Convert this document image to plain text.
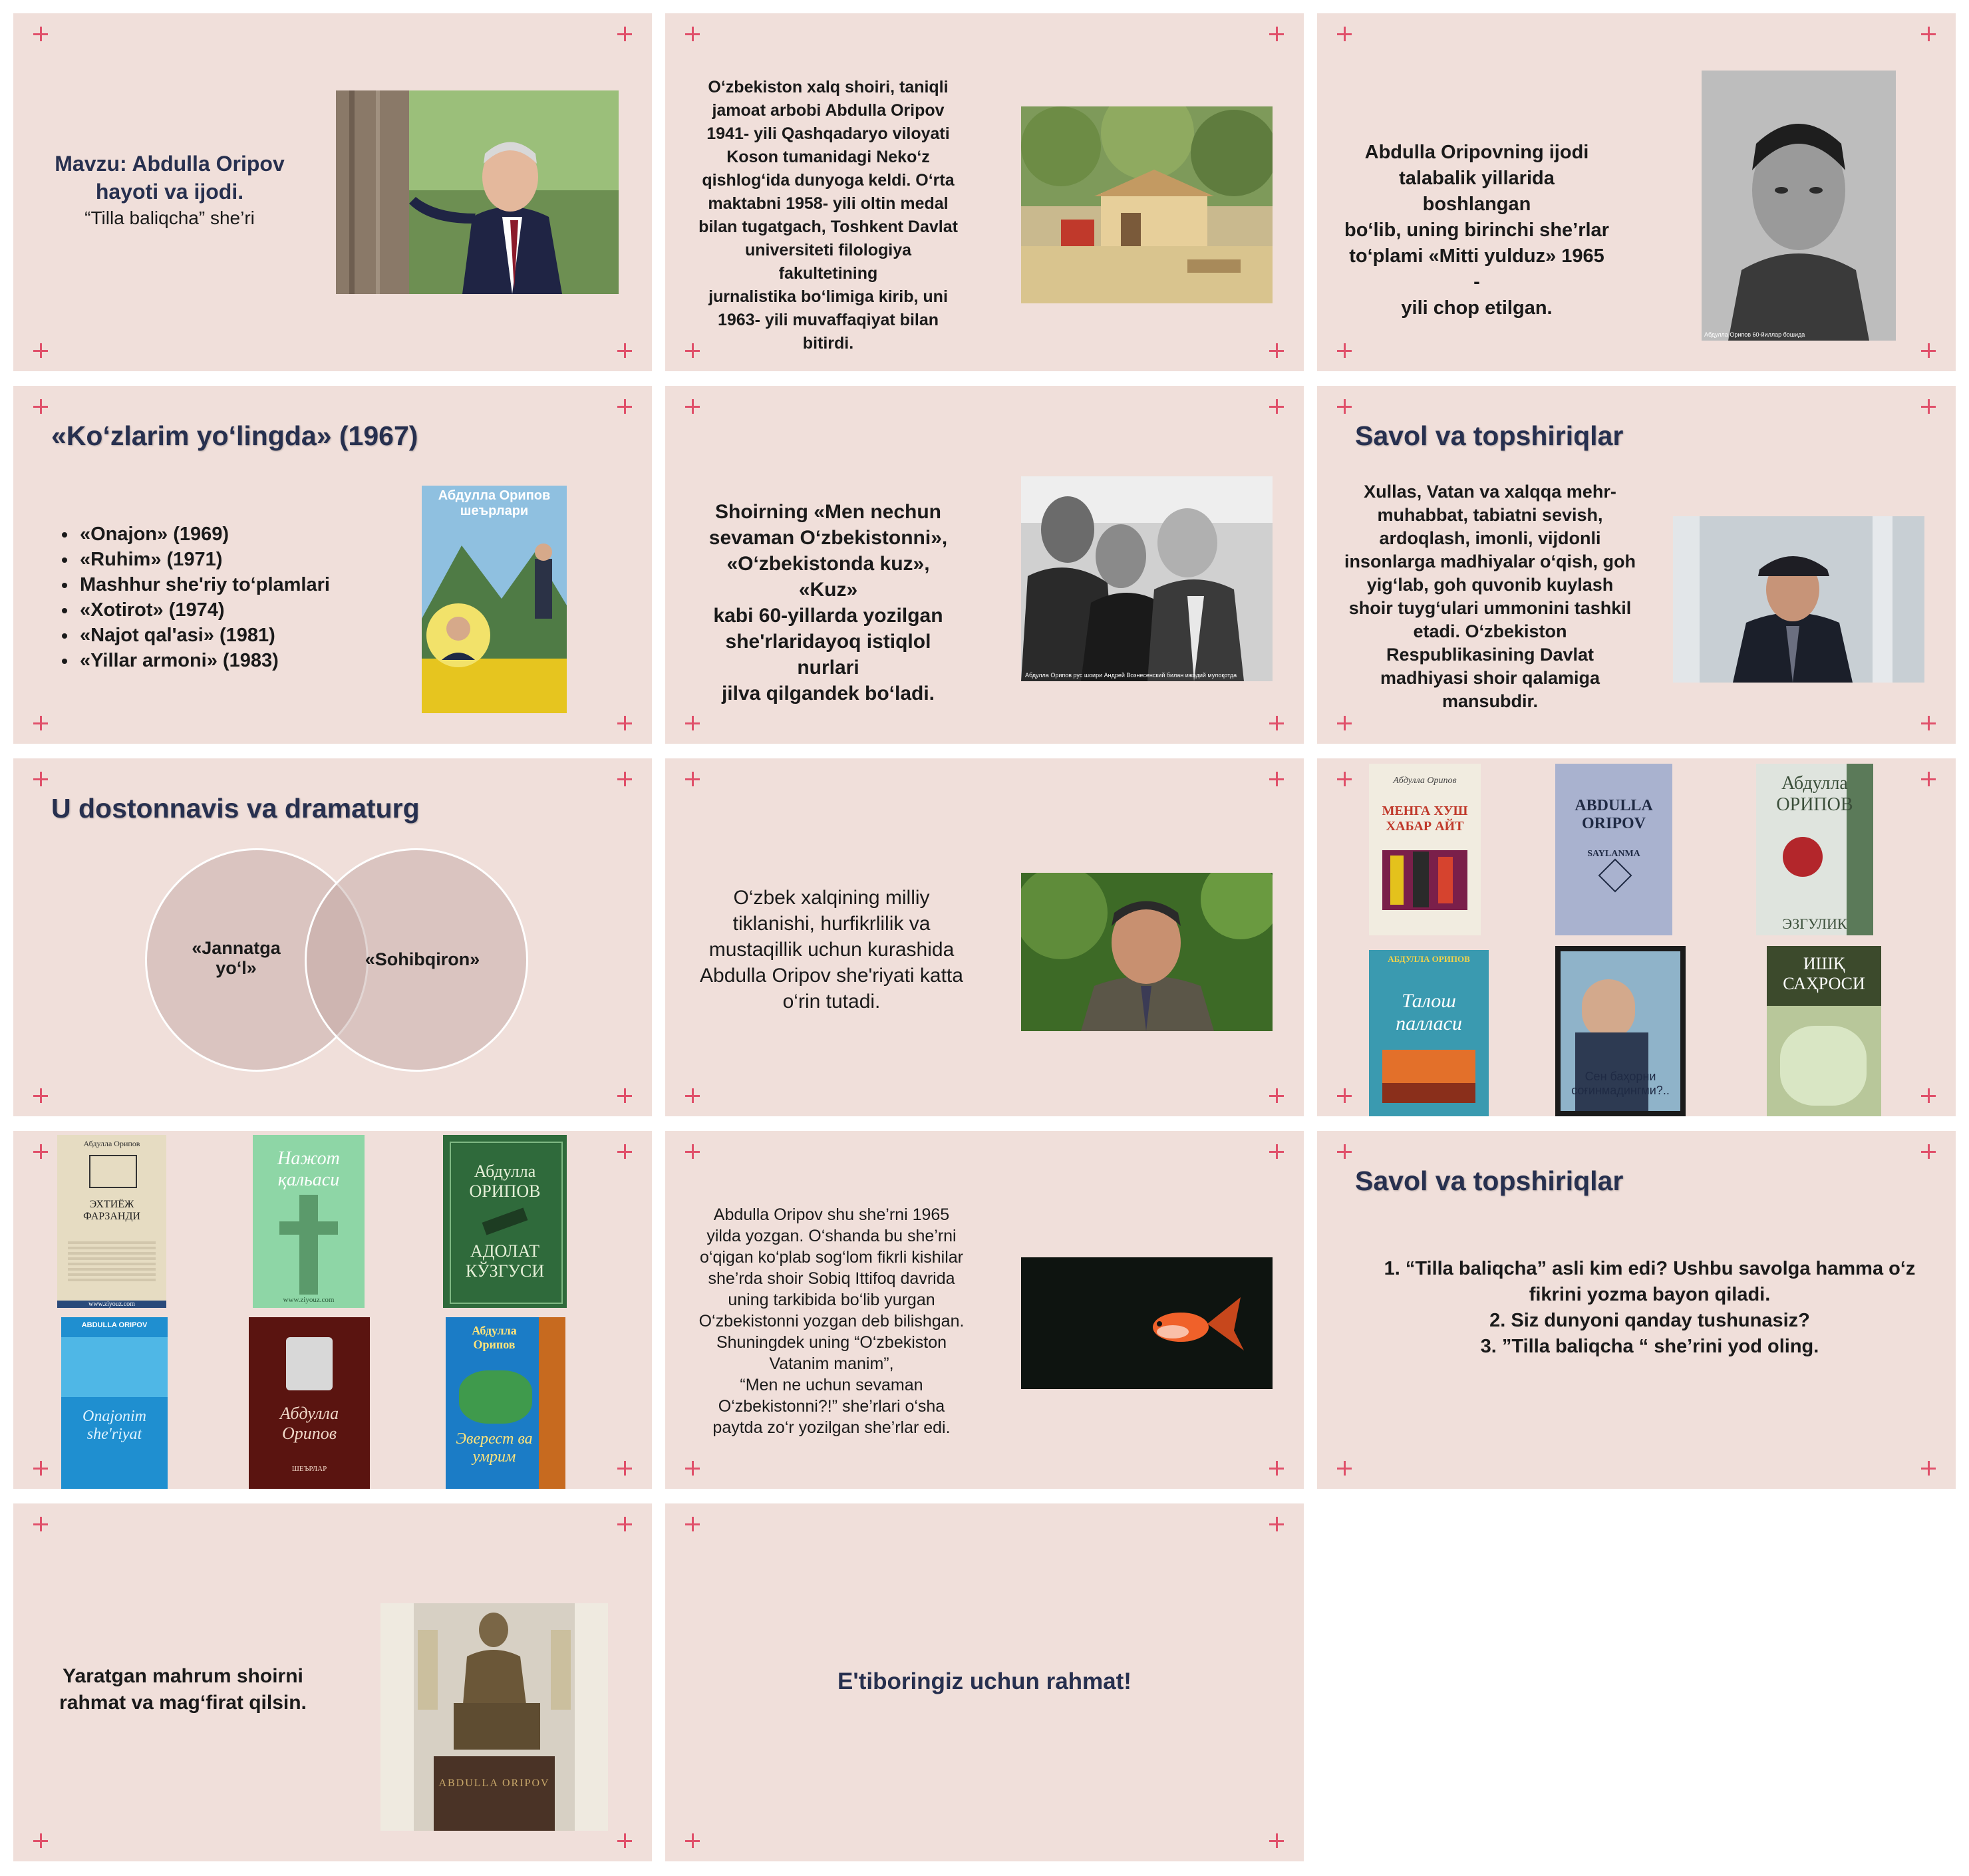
Mavzu: Abdulla Oripov
hayoti va ijodi.
“Tilla baliqcha” she’ri
O‘zbekiston xalq shoiri, taniqli
jamoat arbobi Abdulla Oripov
1941- yili Qashqadaryo viloyati
Koson tumanidagi Neko‘z
qishlog‘ida dunyoga keldi. O‘rta
maktabni 1958- yili oltin medal
bilan tugatgach, Toshkent Davlat
universiteti filologiya fakultetining
jurnalistika bo‘limiga kirib, uni
1963- yili muvaffaqiyat bilan
bitirdi.
Abdulla Oripovning ijodi
talabalik yillarida boshlangan
bo‘lib, uning birinchi she’rlar
to‘plami «Mitti yulduz» 1965 -
yili chop etilgan.
Абдулла Орипов 60-йиллар бошида
«Ko‘zlarim yo‘lingda» (1967)
• «Onajon» (1969)
• «Ruhim» (1971)
• Mashhur she'riy to‘plamlari
• «Xotirot» (1974)
• «Najot qal'asi» (1981)
• «Yillar armoni» (1983)
Абдулла Орипов шеърлари	Shoirning «Men nechun
sevaman O‘zbekistonni»,
«O‘zbekistonda kuz», «Kuz»
kabi 60-yillarda yozilgan
she'rlaridayoq istiqlol nurlari
jilva qilgandek bo‘ladi.
Абдулла Орипов рус шоири Андрей Вознесенский билан ижодий мулоқотда
Savol va topshiriqlar
Xullas, Vatan va xalqqa mehr-
muhabbat, tabiatni sevish,
ardoqlash, imonli, vijdonli
insonlarga madhiyalar o‘qish, goh
yig‘lab, goh quvonib kuylash
shoir tuyg‘ulari ummonini tashkil
etadi. O‘zbekiston
Respublikasining Davlat
madhiyasi shoir qalamiga
mansubdir.
U dostonnavis va dramaturg
«Jannatga
yo‘l»	«Sohibqiron»
O‘zbek xalqining milliy
tiklanishi, hurfikrlilik va
mustaqillik uchun kurashida
Abdulla Oripov she'riyati katta
o‘rin tutadi.
Абдулла Орипов
МЕНГА ХУШ ХАБАР АЙТ
ABDULLA ORIPOV
SAYLANMA
Абдулла ОРИПОВ
ЭЗГУЛИК
АБДУЛЛА ОРИПОВ
Талош палласи
Сен баҳорни соғинмадингми?..
ИШҚ САҲРОСИ
Абдулла Орипов
ЭХТИЁЖ ФАРЗАНДИ
www.ziyouz.com
Нажот қальаси
www.ziyouz.com
Абдулла ОРИПОВ
АДОЛАТ КЎЗГУСИ
ABDULLA ORIPOV
Onajonim she'riyat
Абдулла Орипов
ШЕЪРЛАР
Абдулла Орипов
Эверест ва умрим
Abdulla Oripov shu she’rni 1965
yilda yozgan. O‘shanda bu she’rni
o‘qigan ko‘plab sog‘lom fikrli kishilar
she’rda shoir Sobiq Ittifoq davrida
uning tarkibida bo‘lib yurgan
O‘zbekistonni yozgan deb bilishgan.
Shuningdek uning “O‘zbekiston
Vatanim manim”,
“Men ne uchun sevaman
O‘zbekistonni?!” she’rlari o‘sha
paytda zo‘r yozilgan she’rlar edi.
Savol va topshiriqlar
1. “Tilla baliqcha” asli kim edi? Ushbu savolga hamma o‘z
fikrini yozma bayon qiladi.
2. Siz dunyoni qanday tushunasiz?
3. ”Tilla baliqcha “ she’rini yod oling.
Yaratgan mahrum shoirni
rahmat va mag‘firat qilsin.
ABDULLA ORIPOV
E'tiboringiz uchun rahmat!
